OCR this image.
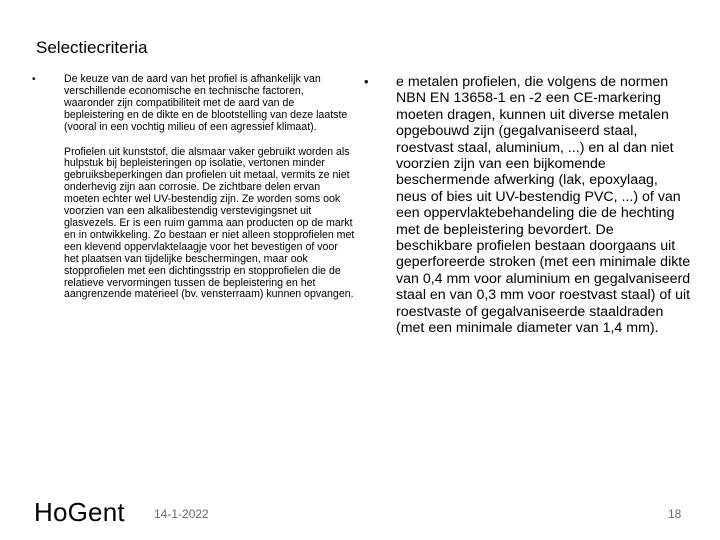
Selectiecriteria
•	De keuze van de aard van het profiel is afhankelijk van verschillende economische en technische factoren, waaronder zijn compatibiliteit met de aard van de bepleistering en de dikte en de blootstelling van deze laatste (vooral in een vochtig milieu of een agressief klimaat).

Profielen uit kunststof, die alsmaar vaker gebruikt worden als hulpstuk bij bepleisteringen op isolatie, vertonen minder gebruiksbeperkingen dan profielen uit metaal, vermits ze niet onderhevig zijn aan corrosie. De zichtbare delen ervan moeten echter wel UV-bestendig zijn. Ze worden soms ook voorzien van een alkalibestendig verstevigingsnet uit glasvezels. Er is een ruim gamma aan producten op de markt en in ontwikkeling. Zo bestaan er niet alleen stopprofielen met een klevend oppervlaktelaagje voor het bevestigen of voor het plaatsen van tijdelijke beschermingen, maar ook stopprofielen met een dichtingsstrip en stopprofielen die de relatieve vervormingen tussen de bepleistering en het aangrenzende materieel (bv. vensterraam) kunnen opvangen.

•	e metalen profielen, die volgens de normen NBN EN 13658-1 en -2 een CE-markering moeten dragen, kunnen uit diverse metalen opgebouwd zijn (gegalvaniseerd staal, roestvast staal, aluminium, ...) en al dan niet voorzien zijn van een bijkomende beschermende afwerking (lak, epoxylaag, neus of bies uit UV-bestendig PVC, ...) of van een oppervlaktebehandeling die de hechting met de bepleistering bevordert. De beschikbare profielen bestaan doorgaans uit geperforeerde stroken (met een minimale dikte van 0,4 mm voor aluminium en gegalvaniseerd staal en van 0,3 mm voor roestvast staal) of uit roestvaste of gegalvaniseerde staaldraden (met een minimale diameter van 1,4 mm).

HoGent 14-1-2022	18
